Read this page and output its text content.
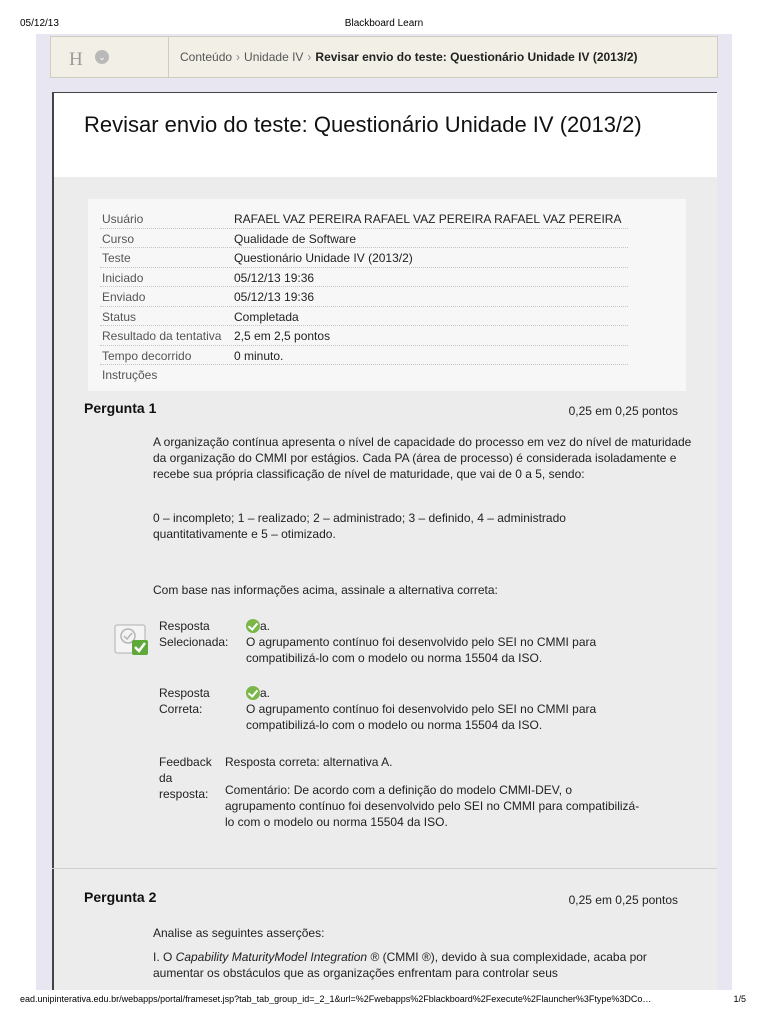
05/12/13	Blackboard Learn
H	⌄	Conteúdo › Unidade IV › Revisar envio do teste: Questionário Unidade IV (2013/2)
Revisar envio do teste: Questionário Unidade IV (2013/2)
Usuário	RAFAEL VAZ PEREIRA RAFAEL VAZ PEREIRA RAFAEL VAZ PEREIRA
Curso	Qualidade de Software
Teste	Questionário Unidade IV (2013/2)
Iniciado	05/12/13 19:36
Enviado	05/12/13 19:36
Status	Completada
Resultado da tentativa 2,5 em 2,5 pontos
Tempo decorrido	0 minuto.
Instruções
Pergunta 1	0,25 em 0,25 pontos
A organização contínua apresenta o nível de capacidade do processo em vez do nível de maturidade da organização do CMMI por estágios. Cada PA (área de processo) é considerada isoladamente e recebe sua própria classificação de nível de maturidade, que vai de 0 a 5, sendo:
0 – incompleto; 1 – realizado; 2 – administrado; 3 – definido, 4 – administrado quantitativamente e 5 – otimizado.
Com base nas informações acima, assinale a alternativa correta:
Resposta Selecionada:
a.
O agrupamento contínuo foi desenvolvido pelo SEI no CMMI para compatibilizá-lo com o modelo ou norma 15504 da ISO.
Resposta Correta:
a.
O agrupamento contínuo foi desenvolvido pelo SEI no CMMI para compatibilizá-lo com o modelo ou norma 15504 da ISO.
Feedback da resposta:
Resposta correta: alternativa A.
Comentário: De acordo com a definição do modelo CMMI-DEV, o agrupamento contínuo foi desenvolvido pelo SEI no CMMI para compatibilizá-lo com o modelo ou norma 15504 da ISO.
Pergunta 2	0,25 em 0,25 pontos
Analise as seguintes asserções:
I. O Capability MaturityModel Integration ® (CMMI ®), devido à sua complexidade, acaba por aumentar os obstáculos que as organizações enfrentam para controlar seus
ead.unipinterativa.edu.br/webapps/portal/frameset.jsp?tab_tab_group_id=_2_1&url=%2Fwebapps%2Fblackboard%2Fexecute%2Flauncher%3Ftype%3DCo…	1/5
